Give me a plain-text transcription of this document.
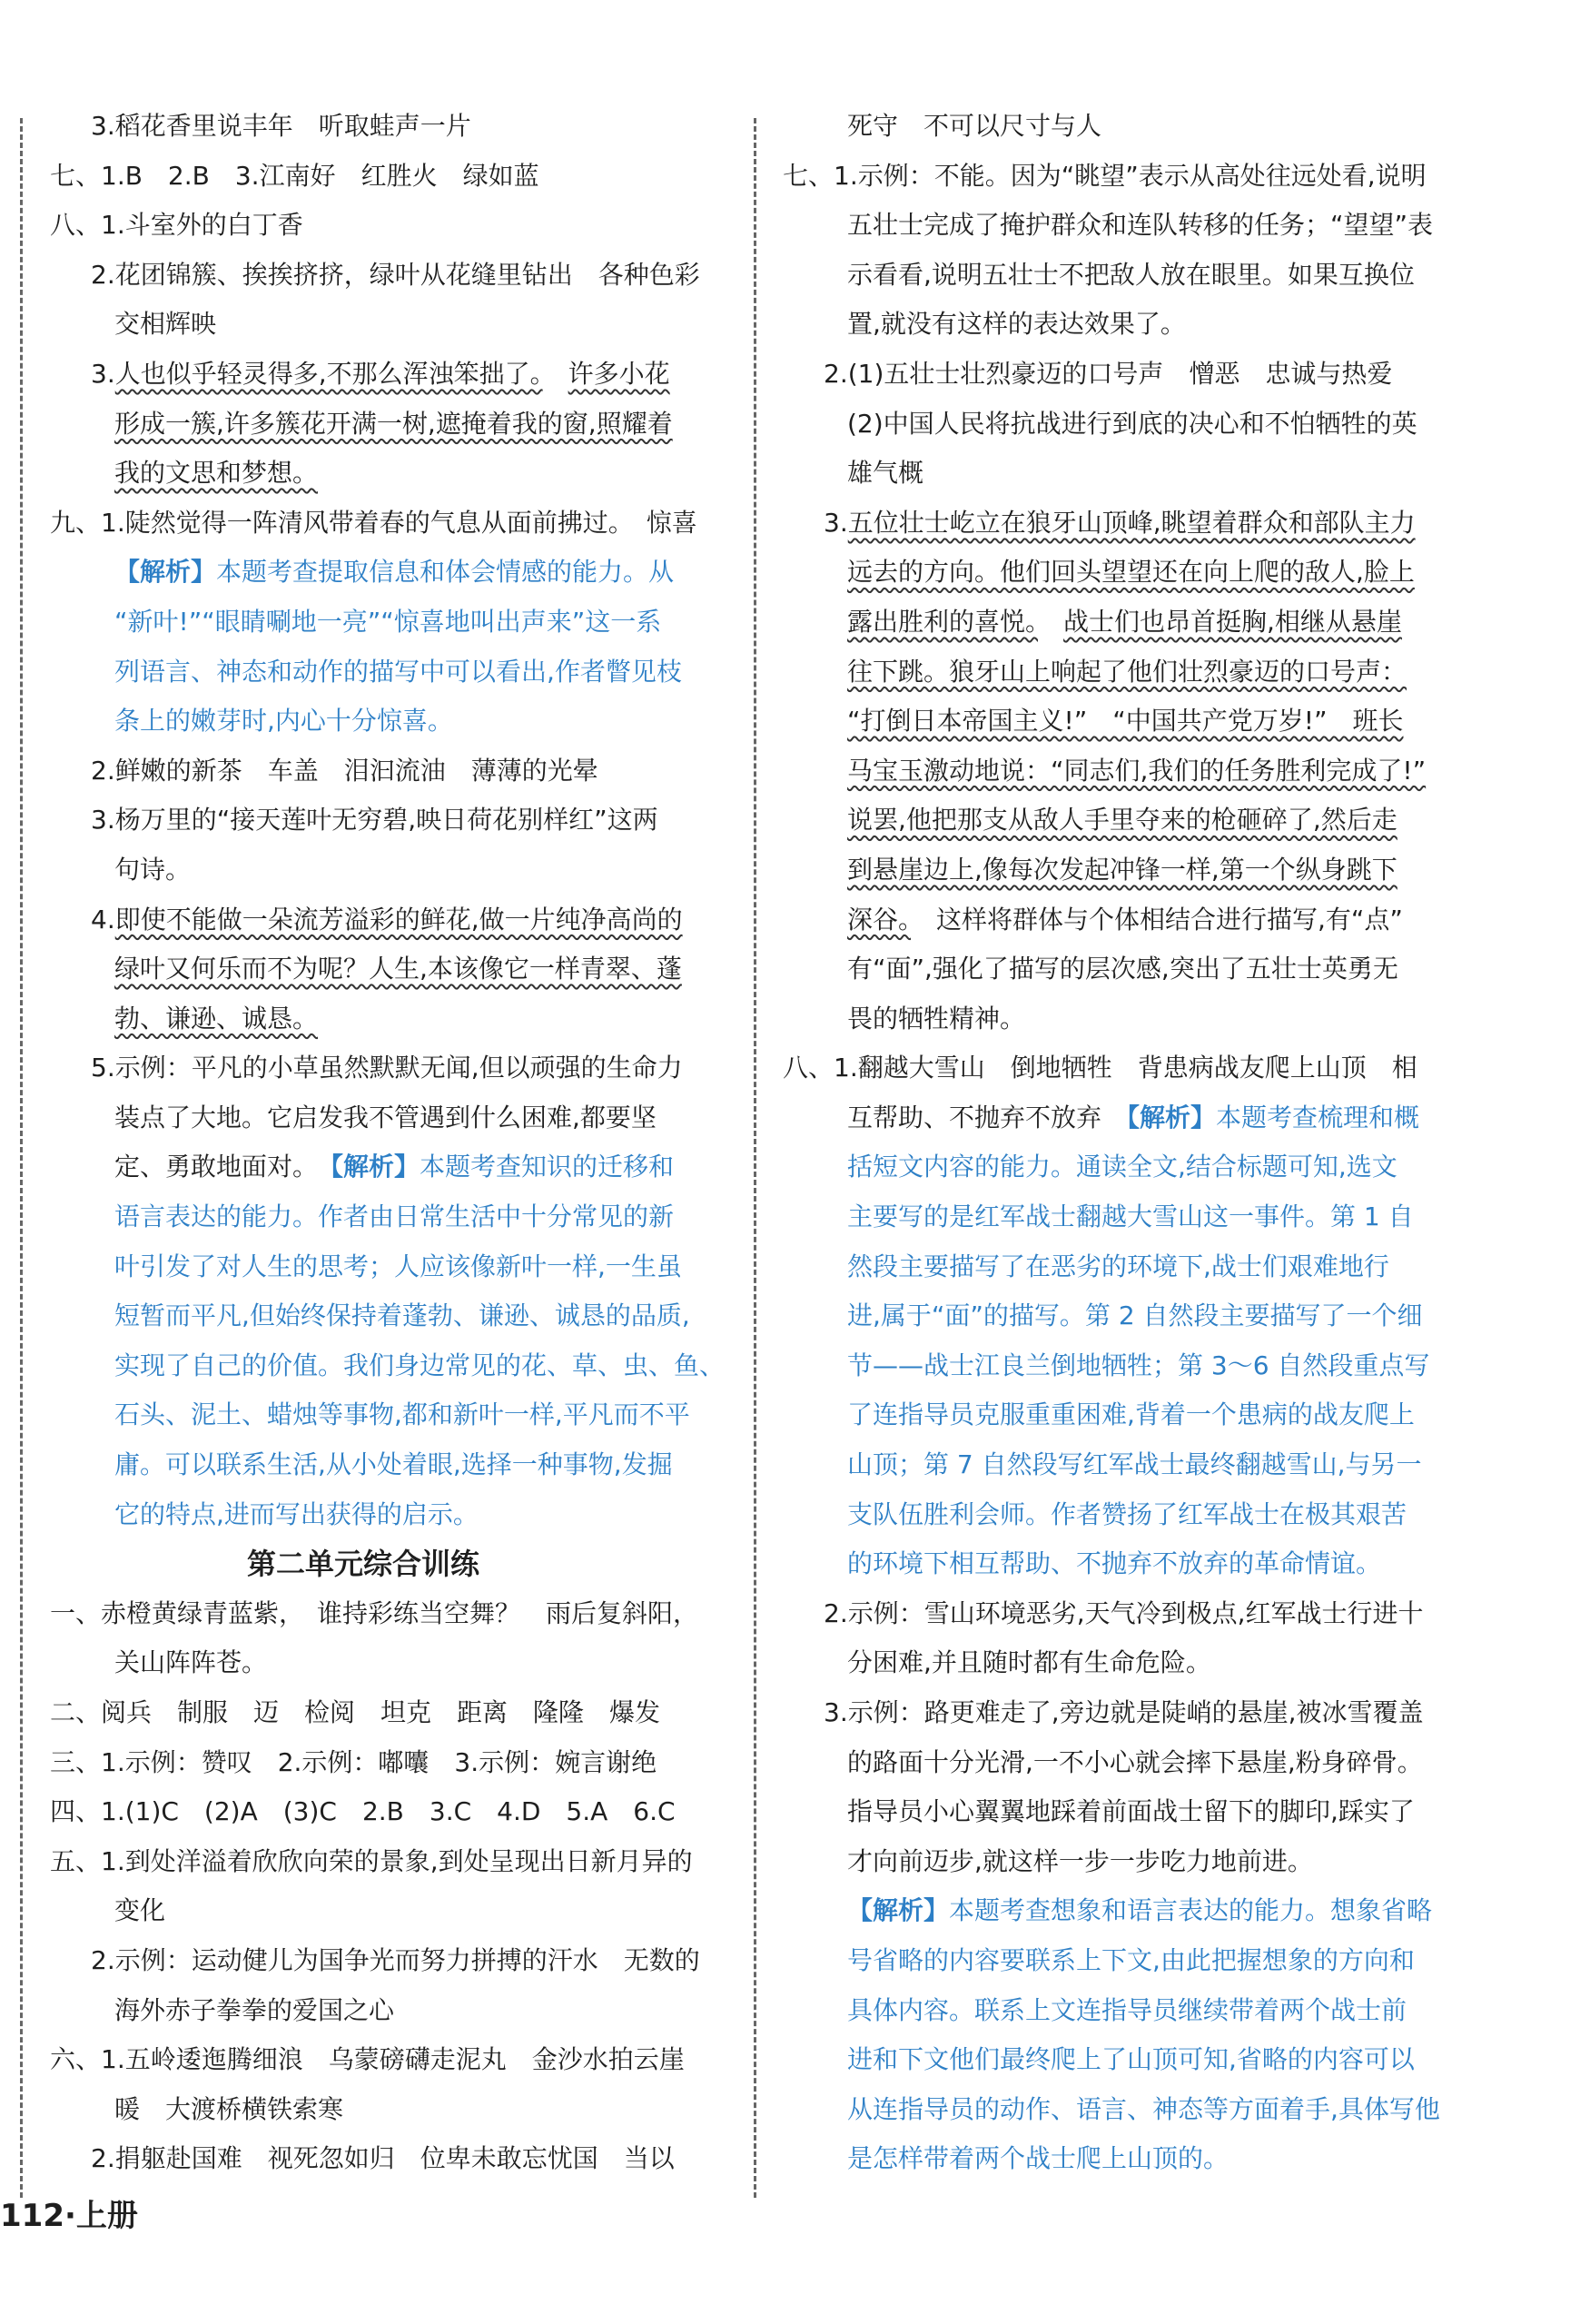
3.稻花香里说丰年　听取蛙声一片
七、1.B　2.B　3.江南好　红胜火　绿如蓝
八、1.斗室外的白丁香
2.花团锦簇、挨挨挤挤，绿叶从花缝里钻出　各种色彩
交相辉映
3.人也似乎轻灵得多,不那么浑浊笨拙了。　 许多小花
形成一簇,许多簇花开满一树,遮掩着我的窗,照耀着
我的文思和梦想。
九、1.陡然觉得一阵清风带着春的气息从面前拂过。　惊喜
【解析】本题考查提取信息和体会情感的能力。从
“新叶!”“眼睛唰地一亮”“惊喜地叫出声来”这一系
列语言、神态和动作的描写中可以看出,作者瞥见枝
条上的嫩芽时,内心十分惊喜。
2.鲜嫩的新茶　车盖　泪汩流油　薄薄的光晕
3.杨万里的“接天莲叶无穷碧,映日荷花别样红”这两
句诗。
4.即使不能做一朵流芳溢彩的鲜花,做一片纯净高尚的
绿叶又何乐而不为呢？人生,本该像它一样青翠、蓬
勃、谦逊、诚恳。
5.示例：平凡的小草虽然默默无闻,但以顽强的生命力
装点了大地。它启发我不管遇到什么困难,都要坚
定、勇敢地面对。　【解析】本题考查知识的迁移和
语言表达的能力。作者由日常生活中十分常见的新
叶引发了对人生的思考；人应该像新叶一样,一生虽
短暂而平凡,但始终保持着蓬勃、谦逊、诚恳的品质,
实现了自己的价值。我们身边常见的花、草、虫、鱼、
石头、泥土、蜡烛等事物,都和新叶一样,平凡而不平
庸。可以联系生活,从小处着眼,选择一种事物,发掘
它的特点,进而写出获得的启示。
第二单元综合训练
一、赤橙黄绿青蓝紫，　谁持彩练当空舞？　雨后复斜阳，
关山阵阵苍。
二、阅兵　制服　迈　检阅　坦克　距离　隆隆　爆发
三、1.示例：赞叹　2.示例：嘟囔　3.示例：婉言谢绝
四、1.(1)C　(2)A　(3)C　2.B　3.C　4.D　5.A　6.C
五、1.到处洋溢着欣欣向荣的景象,到处呈现出日新月异的
变化
2.示例：运动健儿为国争光而努力拼搏的汗水　无数的
海外赤子拳拳的爱国之心
六、1.五岭逶迤腾细浪　乌蒙磅礴走泥丸　金沙水拍云崖
暖　大渡桥横铁索寒
2.捐躯赴国难　视死忽如归　位卑未敢忘忧国　当以
死守　不可以尺寸与人
七、1.示例：不能。因为“眺望”表示从高处往远处看,说明
五壮士完成了掩护群众和连队转移的任务；“望望”表
示看看,说明五壮士不把敌人放在眼里。如果互换位
置,就没有这样的表达效果了。
2.(1)五壮士壮烈豪迈的口号声　憎恶　忠诚与热爱
(2)中国人民将抗战进行到底的决心和不怕牺牲的英
雄气概
3.五位壮士屹立在狼牙山顶峰,眺望着群众和部队主力
远去的方向。他们回头望望还在向上爬的敌人,脸上
露出胜利的喜悦。　 战士们也昂首挺胸,相继从悬崖
往下跳。狼牙山上响起了他们壮烈豪迈的口号声：
“打倒日本帝国主义!”　“中国共产党万岁!”　班长
马宝玉激动地说：“同志们,我们的任务胜利完成了!”
说罢,他把那支从敌人手里夺来的枪砸碎了,然后走
到悬崖边上,像每次发起冲锋一样,第一个纵身跳下
深谷。　这样将群体与个体相结合进行描写,有“点”
有“面”,强化了描写的层次感,突出了五壮士英勇无
畏的牺牲精神。
八、1.翻越大雪山　倒地牺牲　背患病战友爬上山顶　相
互帮助、不抛弃不放弃　【解析】本题考查梳理和概
括短文内容的能力。通读全文,结合标题可知,选文
主要写的是红军战士翻越大雪山这一事件。第 1 自
然段主要描写了在恶劣的环境下,战士们艰难地行
进,属于“面”的描写。第 2 自然段主要描写了一个细
节——战士江良兰倒地牺牲；第 3～6 自然段重点写
了连指导员克服重重困难,背着一个患病的战友爬上
山顶；第 7 自然段写红军战士最终翻越雪山,与另一
支队伍胜利会师。作者赞扬了红军战士在极其艰苦
的环境下相互帮助、不抛弃不放弃的革命情谊。
2.示例：雪山环境恶劣,天气冷到极点,红军战士行进十
分困难,并且随时都有生命危险。
3.示例：路更难走了,旁边就是陡峭的悬崖,被冰雪覆盖
的路面十分光滑,一不小心就会摔下悬崖,粉身碎骨。
指导员小心翼翼地踩着前面战士留下的脚印,踩实了
才向前迈步,就这样一步一步吃力地前进。
【解析】本题考查想象和语言表达的能力。想象省略
号省略的内容要联系上下文,由此把握想象的方向和
具体内容。联系上文连指导员继续带着两个战士前
进和下文他们最终爬上了山顶可知,省略的内容可以
从连指导员的动作、语言、神态等方面着手,具体写他
是怎样带着两个战士爬上山顶的。
112·上册
